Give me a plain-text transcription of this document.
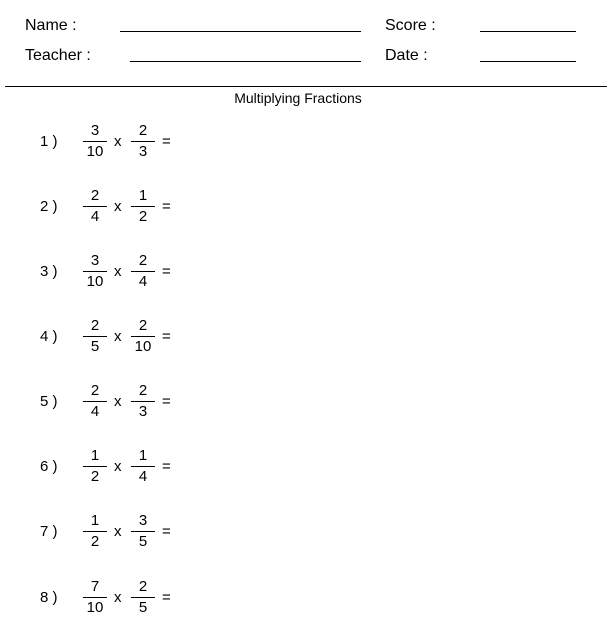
Name :	Score :
Teacher :	Date :
Multiplying Fractions
1 )
3
10
x
2
3
=
2 )
2
4
x
1
2
=
3 )
3
10
x
2
4
=
4 )
2
5
x
2
10
=
5 )
2
4
x
2
3
=
6 )
1
2
x
1
4
=
7 )
1
2
x
3
5
=
8 )
7
10
x
2
5
=
